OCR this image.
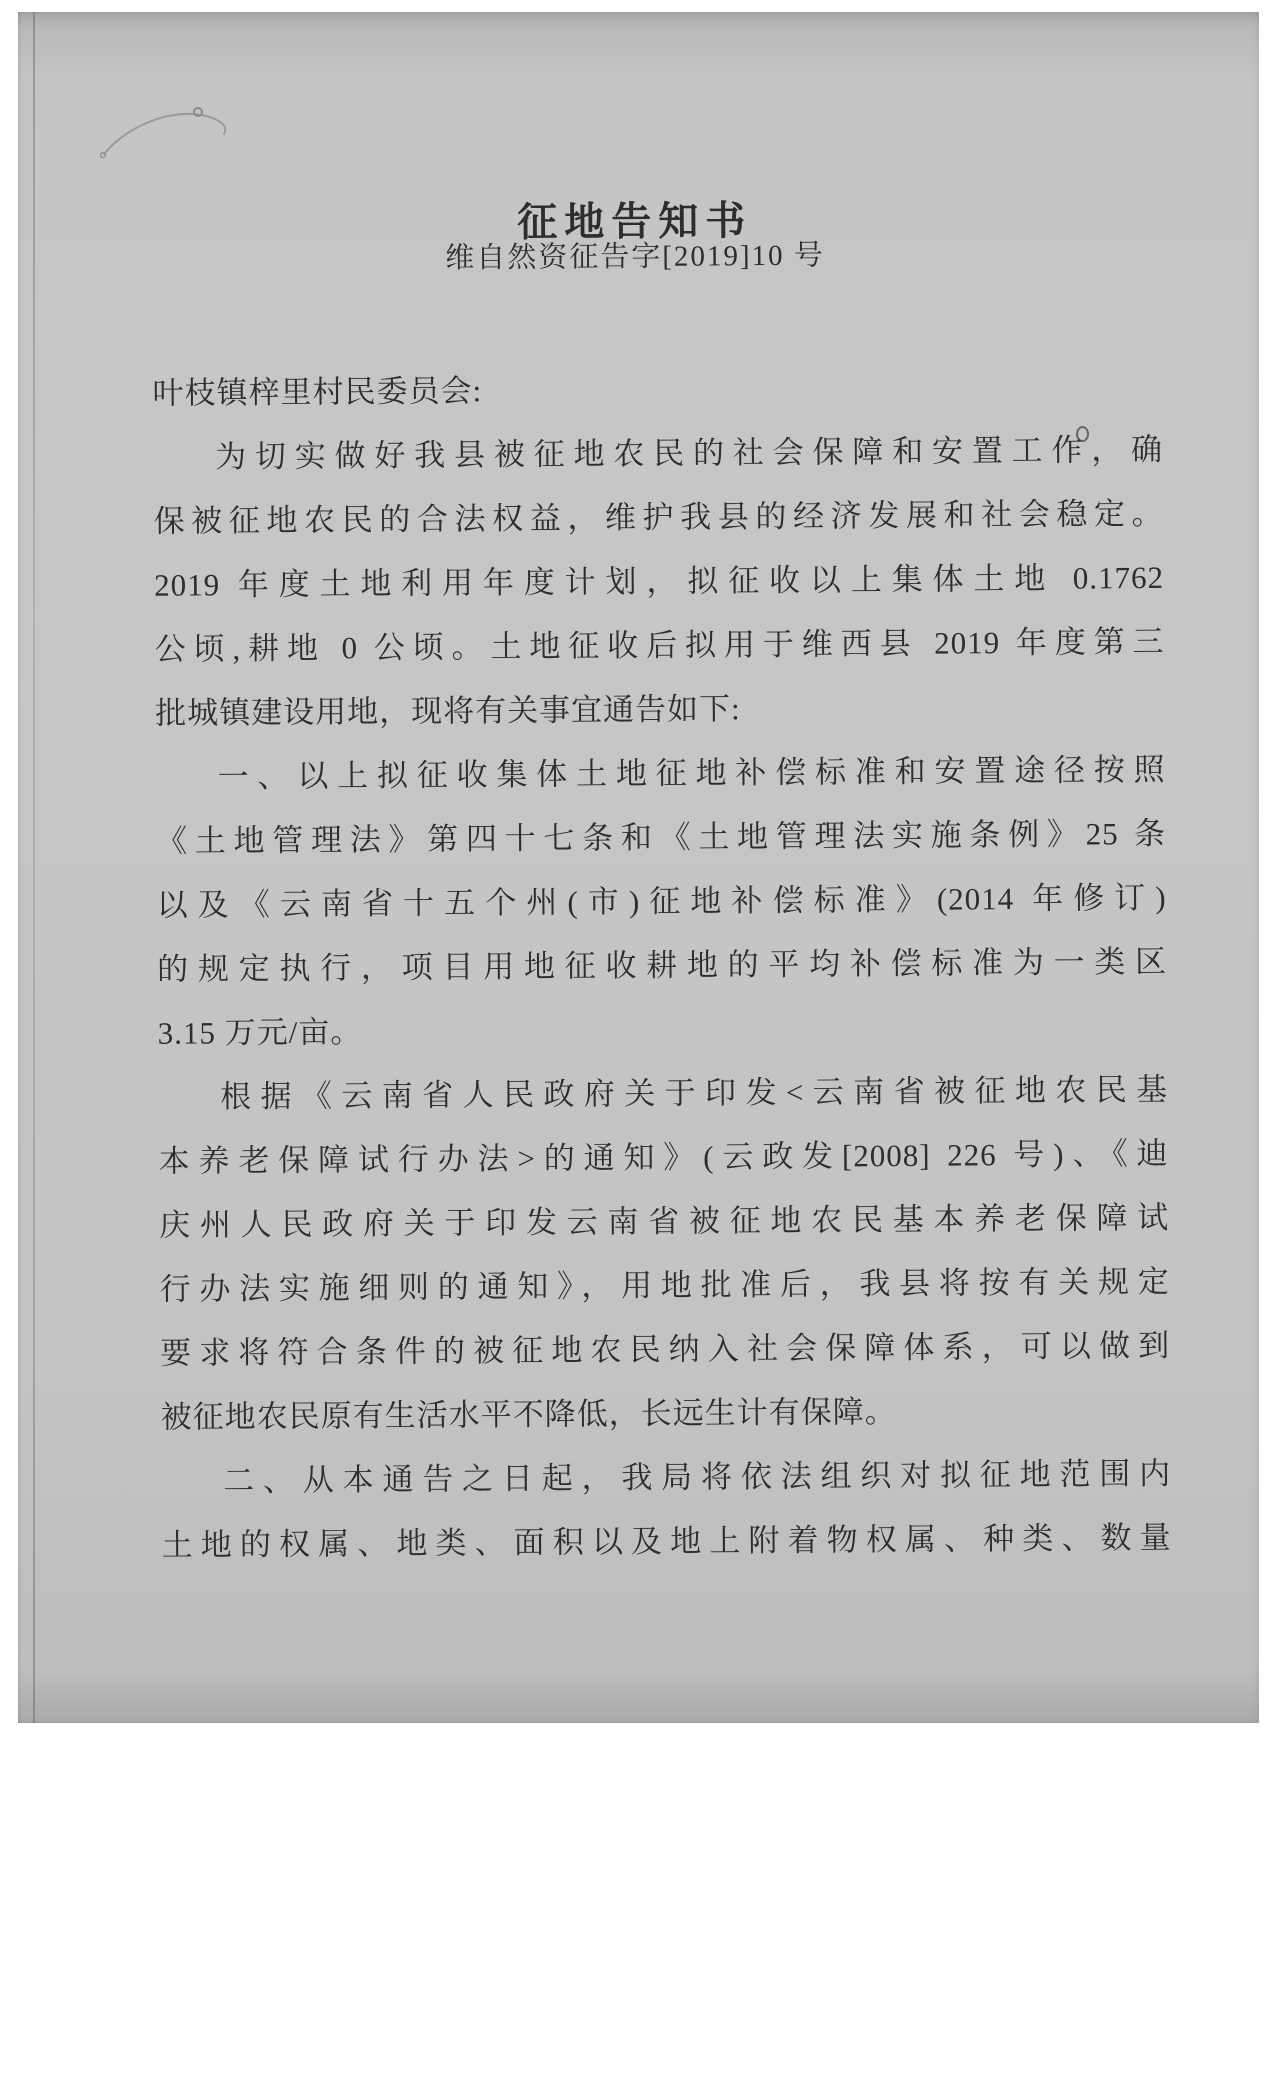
征地告知书
维自然资征告字[2019]10 号
叶枝镇梓里村民委员会:
为切实做好我县被征地农民的社会保障和安置工作，确
保被征地农民的合法权益，维护我县的经济发展和社会稳定。
2019 年度土地利用年度计划，拟征收以上集体土地 0.1762
公顷,耕地 0 公顷。土地征收后拟用于维西县 2019 年度第三
批城镇建设用地，现将有关事宜通告如下:
一、以上拟征收集体土地征地补偿标准和安置途径按照
《土地管理法》第四十七条和《土地管理法实施条例》25 条
以及《云南省十五个州(市)征地补偿标准》(2014 年修订)
的规定执行，项目用地征收耕地的平均补偿标准为一类区
3.15 万元/亩。
根据《云南省人民政府关于印发<云南省被征地农民基
本养老保障试行办法>的通知》(云政发[2008] 226 号)、《迪
庆州人民政府关于印发云南省被征地农民基本养老保障试
行办法实施细则的通知》，用地批准后，我县将按有关规定
要求将符合条件的被征地农民纳入社会保障体系，可以做到
被征地农民原有生活水平不降低，长远生计有保障。
二、从本通告之日起，我局将依法组织对拟征地范围内
土地的权属、地类、面积以及地上附着物权属、种类、数量
